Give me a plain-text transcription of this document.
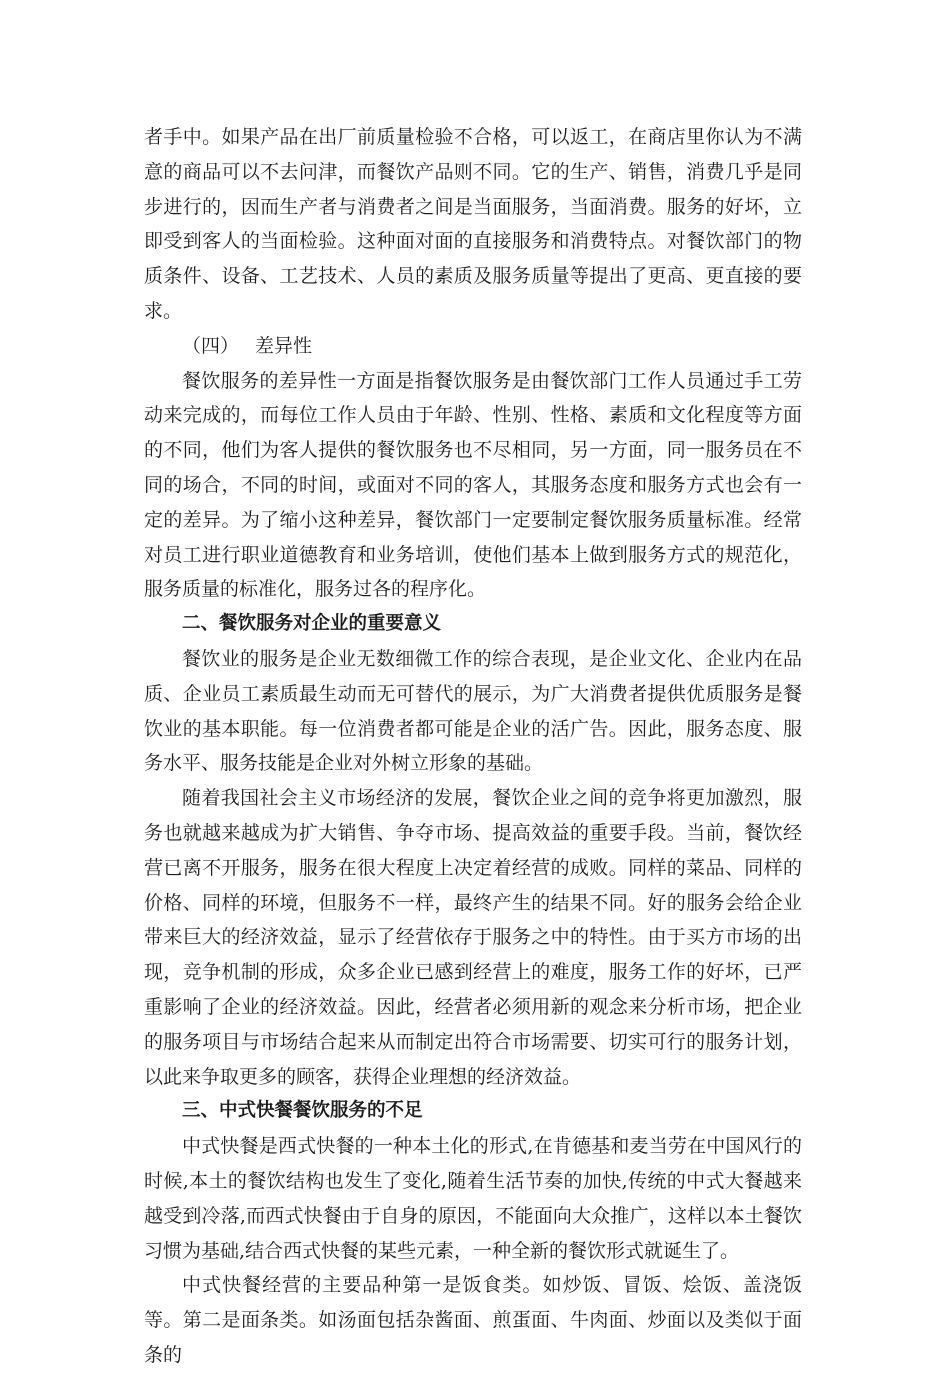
者手中。如果产品在出厂前质量检验不合格，可以返工，在商店里你认为不满意的商品可以不去问津，而餐饮产品则不同。它的生产、销售，消费几乎是同步进行的，因而生产者与消费者之间是当面服务，当面消费。服务的好坏，立即受到客人的当面检验。这种面对面的直接服务和消费特点。对餐饮部门的物质条件、设备、工艺技术、人员的素质及服务质量等提出了更高、更直接的要求。

（四） 差异性

餐饮服务的差异性一方面是指餐饮服务是由餐饮部门工作人员通过手工劳动来完成的，而每位工作人员由于年龄、性别、性格、素质和文化程度等方面的不同，他们为客人提供的餐饮服务也不尽相同，另一方面，同一服务员在不同的场合，不同的时间，或面对不同的客人，其服务态度和服务方式也会有一定的差异。为了缩小这种差异，餐饮部门一定要制定餐饮服务质量标准。经常对员工进行职业道德教育和业务培训，使他们基本上做到服务方式的规范化，服务质量的标准化，服务过各的程序化。

二、餐饮服务对企业的重要意义

餐饮业的服务是企业无数细微工作的综合表现，是企业文化、企业内在品质、企业员工素质最生动而无可替代的展示，为广大消费者提供优质服务是餐饮业的基本职能。每一位消费者都可能是企业的活广告。因此，服务态度、服务水平、服务技能是企业对外树立形象的基础。

随着我国社会主义市场经济的发展，餐饮企业之间的竞争将更加激烈，服务也就越来越成为扩大销售、争夺市场、提高效益的重要手段。当前，餐饮经营已离不开服务，服务在很大程度上决定着经营的成败。同样的菜品、同样的价格、同样的环境，但服务不一样，最终产生的结果不同。好的服务会给企业带来巨大的经济效益，显示了经营依存于服务之中的特性。由于买方市场的出现，竞争机制的形成，众多企业已感到经营上的难度，服务工作的好坏，已严重影响了企业的经济效益。因此，经营者必须用新的观念来分析市场，把企业的服务项目与市场结合起来从而制定出符合市场需要、切实可行的服务计划，以此来争取更多的顾客，获得企业理想的经济效益。

三、中式快餐餐饮服务的不足

中式快餐是西式快餐的一种本土化的形式,在肯德基和麦当劳在中国风行的时候,本土的餐饮结构也发生了变化,随着生活节奏的加快,传统的中式大餐越来越受到冷落,而西式快餐由于自身的原因，不能面向大众推广，这样以本土餐饮习惯为基础,结合西式快餐的某些元素，一种全新的餐饮形式就诞生了。

中式快餐经营的主要品种第一是饭食类。如炒饭、冒饭、烩饭、盖浇饭等。第二是面条类。如汤面包括杂酱面、煎蛋面、牛肉面、炒面以及类似于面条的
